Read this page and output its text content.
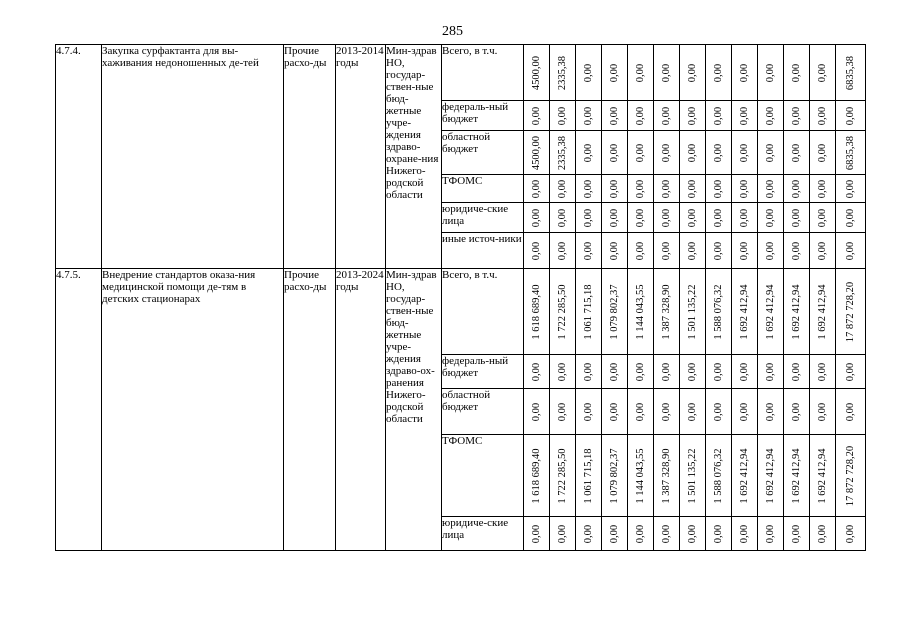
285
4.7.4.	Закупка сурфактанта для вы-хаживания недоношенных де-тей	Прочие расхо-ды	2013-2014 годы	Мин-здрав НО, государ-ствен-ные бюд-жетные учре-ждения здраво-охране-ния Нижего-родской области	Всего, в т.ч.	4500,00	2335,38	0,00	0,00	0,00	0,00	0,00	0,00	0,00	0,00	0,00	0,00	6835,38

					федераль-ный бюджет	0,00	0,00	0,00	0,00	0,00	0,00	0,00	0,00	0,00	0,00	0,00	0,00	0,00

					областной бюджет	4500,00	2335,38	0,00	0,00	0,00	0,00	0,00	0,00	0,00	0,00	0,00	0,00	6835,38

					ТФОМС	0,00	0,00	0,00	0,00	0,00	0,00	0,00	0,00	0,00	0,00	0,00	0,00	0,00

					юридиче-ские лица	0,00	0,00	0,00	0,00	0,00	0,00	0,00	0,00	0,00	0,00	0,00	0,00	0,00

					иные источ-ники	0,00	0,00	0,00	0,00	0,00	0,00	0,00	0,00	0,00	0,00	0,00	0,00	0,00

4.7.5.	Внедрение стандартов оказа-ния медицинской помощи де-тям в детских стационарах	Прочие расхо-ды	2013-2024 годы	Мин-здрав НО, государ-ствен-ные бюд-жетные учре-ждения здраво-ох-ранения Нижего-родской области	Всего, в т.ч.	1 618 689,40	1 722 285,50	1 061 715,18	1 079 802,37	1 144 043,55	1 387 328,90	1 501 135,22	1 588 076,32	1 692 412,94	1 692 412,94	1 692 412,94	1 692 412,94	17 872 728,20

					федераль-ный бюджет	0,00	0,00	0,00	0,00	0,00	0,00	0,00	0,00	0,00	0,00	0,00	0,00	0,00

					областной бюджет	0,00	0,00	0,00	0,00	0,00	0,00	0,00	0,00	0,00	0,00	0,00	0,00	0,00

					ТФОМС	1 618 689,40	1 722 285,50	1 061 715,18	1 079 802,37	1 144 043,55	1 387 328,90	1 501 135,22	1 588 076,32	1 692 412,94	1 692 412,94	1 692 412,94	1 692 412,94	17 872 728,20

					юридиче-ские лица	0,00	0,00	0,00	0,00	0,00	0,00	0,00	0,00	0,00	0,00	0,00	0,00	0,00
